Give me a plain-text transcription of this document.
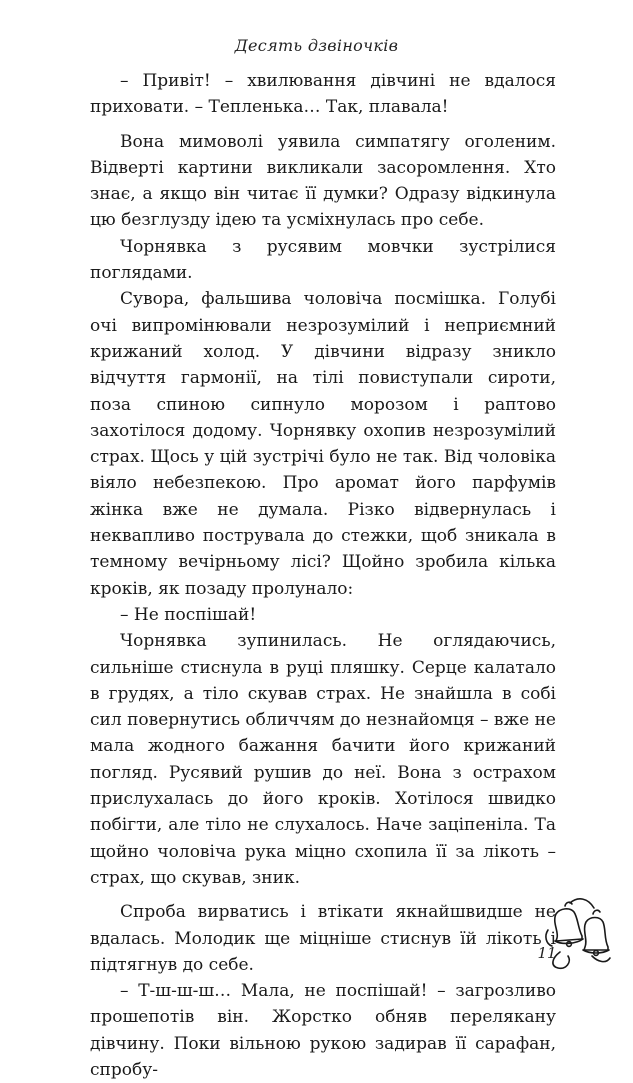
Десять дзвіночків

– Привіт! – хвилювання дівчині не вдалося приховати. – Тепленька… Так, плавала!

Вона мимоволі уявила симпатягу оголеним. Відверті картини викликали засоромлення. Хто знає, а якщо він читає її думки? Одразу відкинула цю безглузду ідею та усміхнулась про себе.

Чорнявка з русявим мовчки зустрілися поглядами.

Сувора, фальшива чоловіча посмішка. Голубі очі випромінювали незрозумілий і неприємний крижаний холод. У дівчини відразу зникло відчуття гармонії, на тілі повиступали сироти, поза спиною сипнуло морозом і раптово захотілося додому. Чорнявку охопив незрозумілий страх. Щось у цій зустрічі було не так. Від чоловіка віяло небезпекою. Про аромат його парфумів жінка вже не думала. Різко відвернулась і неквапливо пострувала до стежки, щоб зникала в темному вечірньому лісі? Щойно зробила кілька кроків, як позаду пролунало:

– Не поспішай!

Чорнявка зупинилась. Не оглядаючись, сильніше стиснула в руці пляшку. Серце калатало в грудях, а тіло скував страх. Не знайшла в собі сил повернутись обличчям до незнайомця – вже не мала жодного бажання бачити його крижаний погляд. Русявий рушив до неї. Вона з острахом прислухалась до його кроків. Хотілося швидко побігти, але тіло не слухалось. Наче заціпеніла. Та щойно чоловіча рука міцно схопила її за лікоть – страх, що скував, зник.

Спроба вирватись і втікати якнайшвидше не вдалась. Молодик ще міцніше стиснув їй лікоть і підтягнув до себе.

– Т-ш-ш-ш… Мала, не поспішай! – загрозливо прошепотів він. Жорстко обняв перелякану дівчину. Поки вільною рукою задирав її сарафан, спробу-

11
